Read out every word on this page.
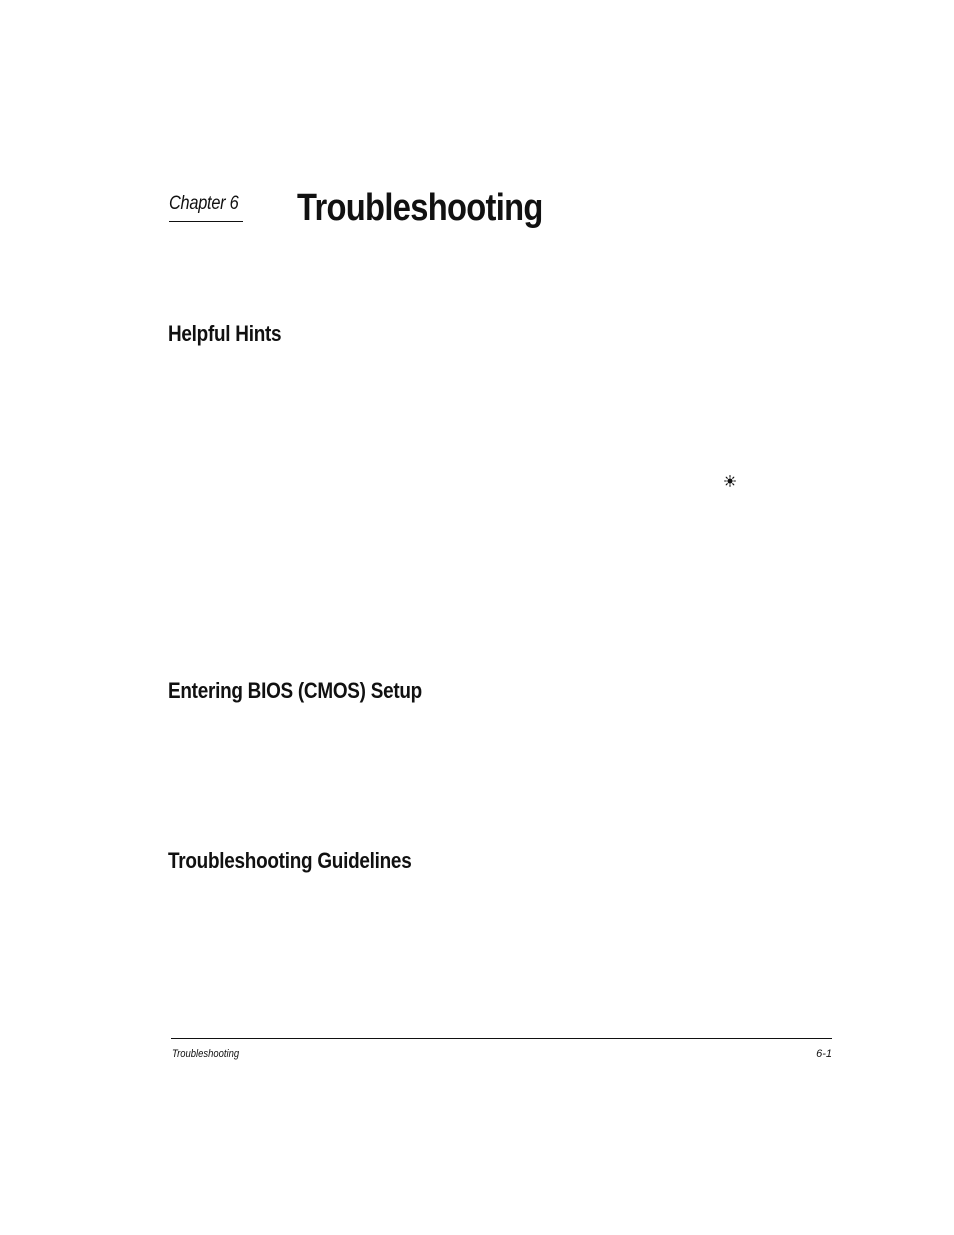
Chapter 6 Troubleshooting
Helpful Hints
Entering BIOS (CMOS) Setup
Troubleshooting Guidelines
Troubleshooting	6-1
